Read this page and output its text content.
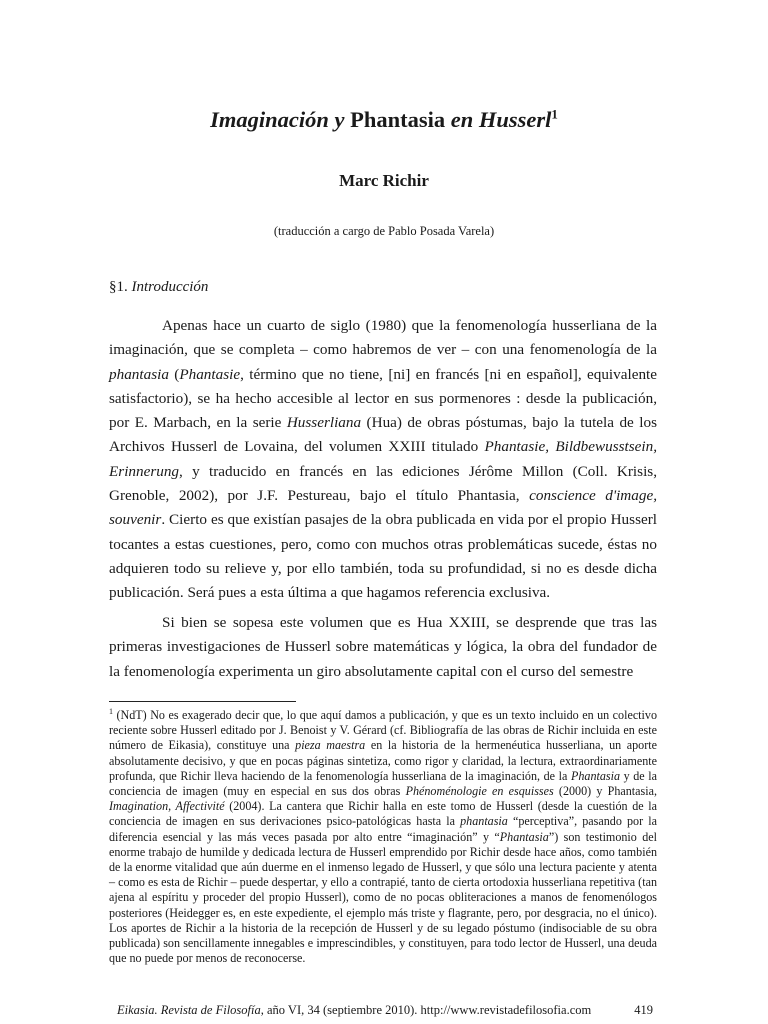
Imaginación y Phantasia en Husserl$^1$
Marc Richir
(traducción a cargo de Pablo Posada Varela)
§1. Introducción

Apenas hace un cuarto de siglo (1980) que la fenomenología husserliana de la imaginación, que se completa – como habremos de ver – con una fenomenología de la phantasia (Phantasie, término que no tiene, [ni] en francés [ni en español], equivalente satisfactorio), se ha hecho accesible al lector en sus pormenores : desde la publicación, por E. Marbach, en la serie Husserliana (Hua) de obras póstumas, bajo la tutela de los Archivos Husserl de Lovaina, del volumen XXIII titulado Phantasie, Bildbewusstsein, Erinnerung, y traducido en francés en las ediciones Jérôme Millon (Coll. Krisis, Grenoble, 2002), por J.F. Pestureau, bajo el título Phantasia, conscience d'image, souvenir. Cierto es que existían pasajes de la obra publicada en vida por el propio Husserl tocantes a estas cuestiones, pero, como con muchos otras problemáticas sucede, éstas no adquieren todo su relieve y, por ello también, toda su profundidad, si no es desde dicha publicación. Será pues a esta última a que hagamos referencia exclusiva.

Si bien se sopesa este volumen que es Hua XXIII, se desprende que tras las primeras investigaciones de Husserl sobre matemáticas y lógica, la obra del fundador de la fenomenología experimenta un giro absolutamente capital con el curso del semestre

$^1$ (NdT) No es exagerado decir que, lo que aquí damos a publicación, y que es un texto incluido en un colectivo reciente sobre Husserl editado por J. Benoist y V. Gérard (cf. Bibliografía de las obras de Richir incluida en este número de Eikasia), constituye una pieza maestra en la historia de la hermenéutica husserliana, un aporte absolutamente decisivo, y que en pocas páginas sintetiza, como rigor y claridad, la lectura, extraordinariamente profunda, que Richir lleva haciendo de la fenomenología husserliana de la imaginación, de la Phantasia y de la conciencia de imagen (muy en especial en sus dos obras Phénoménologie en esquisses (2000) y Phantasia, Imagination, Affectivité (2004). La cantera que Richir halla en este tomo de Husserl (desde la cuestión de la conciencia de imagen en sus derivaciones psico-patológicas hasta la phantasia “perceptiva”, pasando por la diferencia esencial y las más veces pasada por alto entre “imaginación” y “Phantasia”) son testimonio del enorme trabajo de humilde y dedicada lectura de Husserl emprendido por Richir desde hace años, como también de la enorme vitalidad que aún duerme en el inmenso legado de Husserl, y que sólo una lectura paciente y atenta – como es esta de Richir – puede despertar, y ello a contrapié, tanto de cierta ortodoxia husserliana repetitiva (tan ajena al espíritu y proceder del propio Husserl), como de no pocas obliteraciones a manos de fenomenólogos posteriores (Heidegger es, en este expediente, el ejemplo más triste y flagrante, pero, por desgracia, no el único). Los aportes de Richir a la historia de la recepción de Husserl y de su legado póstumo (indisociable de su obra publicada) son sencillamente innegables e imprescindibles, y constituyen, para todo lector de Husserl, una deuda que no puede por menos de reconocerse.

Eikasia. Revista de Filosofía, año VI, 34 (septiembre 2010). http://www.revistadefilosofia.com	419
